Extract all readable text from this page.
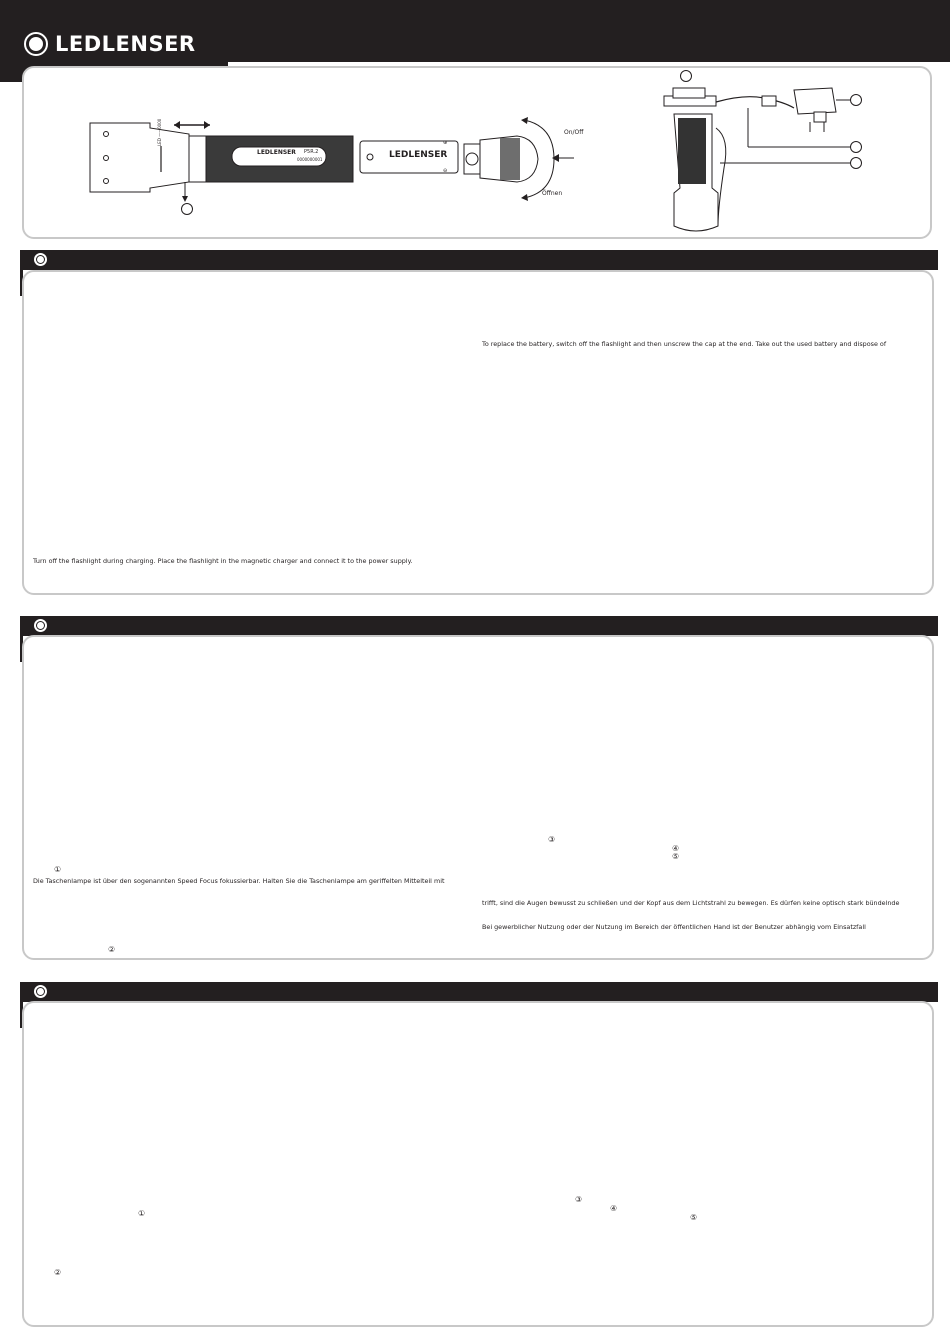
LEDLENSER
LED ——0000
LEDLENSER P5R.2
0000000001	LEDLENSER
On/Off
Öffnen
⊕
⊖
To replace the battery, switch off the flashlight and then unscrew the cap at the end. Take out the used battery and dispose of
Turn off the flashlight during charging. Place the flashlight in the magnetic charger and connect it to the power supply.
①
Die Taschenlampe ist über den sogenannten Speed Focus fokussierbar. Halten Sie die Taschenlampe am geriffelten Mittelteil mit
②
③
④
⑤
trifft, sind die Augen bewusst zu schließen und der Kopf aus dem Lichtstrahl zu bewegen. Es dürfen keine optisch stark bündelnde
Bei gewerblicher Nutzung oder der Nutzung im Bereich der öffentlichen Hand ist der Benutzer abhängig vom Einsatzfall
①
②
③
④
⑤
